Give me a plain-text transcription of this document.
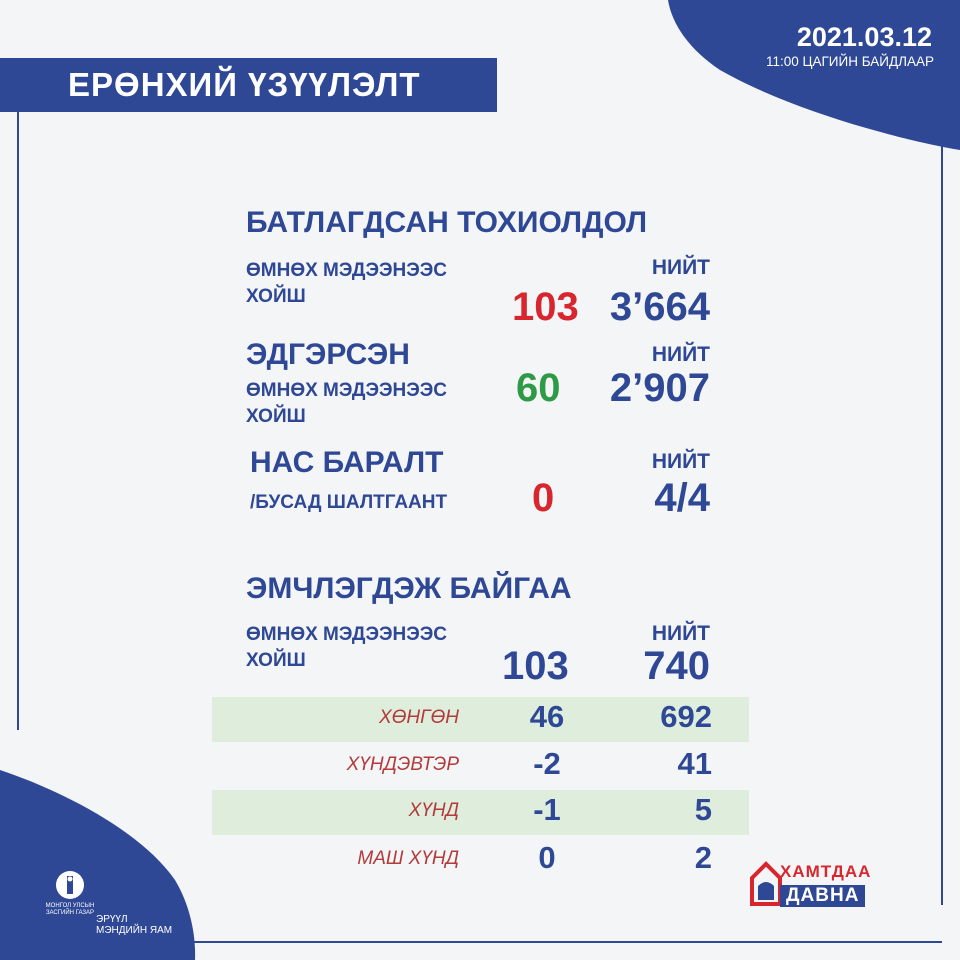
ЕРӨНХИЙ ҮЗҮҮЛЭЛТ
2021.03.12
11:00 ЦАГИЙН БАЙДЛААР
БАТЛАГДСАН ТОХИОЛДОЛ
ӨМНӨХ МЭДЭЭНЭЭС
ХОЙШ
НИЙТ
103 3’664
ЭДГЭРСЭН
ӨМНӨХ МЭДЭЭНЭЭС
ХОЙШ
НИЙТ
60 2’907
НАС БАРАЛТ
/БУСАД ШАЛТГААНТ
НИЙТ
0	4/4
ЭМЧЛЭГДЭЖ БАЙГАА
ӨМНӨХ МЭДЭЭНЭЭС
ХОЙШ
НИЙТ
103 740
ХӨНГӨН	46	692
ХҮНДЭВТЭР	-2	41
ХҮНД	-1	5
МАШ ХҮНД	0	2
МОНГОЛ УЛСЫН
ЗАСГИЙН ГАЗАР
ЭРҮҮЛ
МЭНДИЙН ЯАМ
ХАМТДАА
ДАВНА
